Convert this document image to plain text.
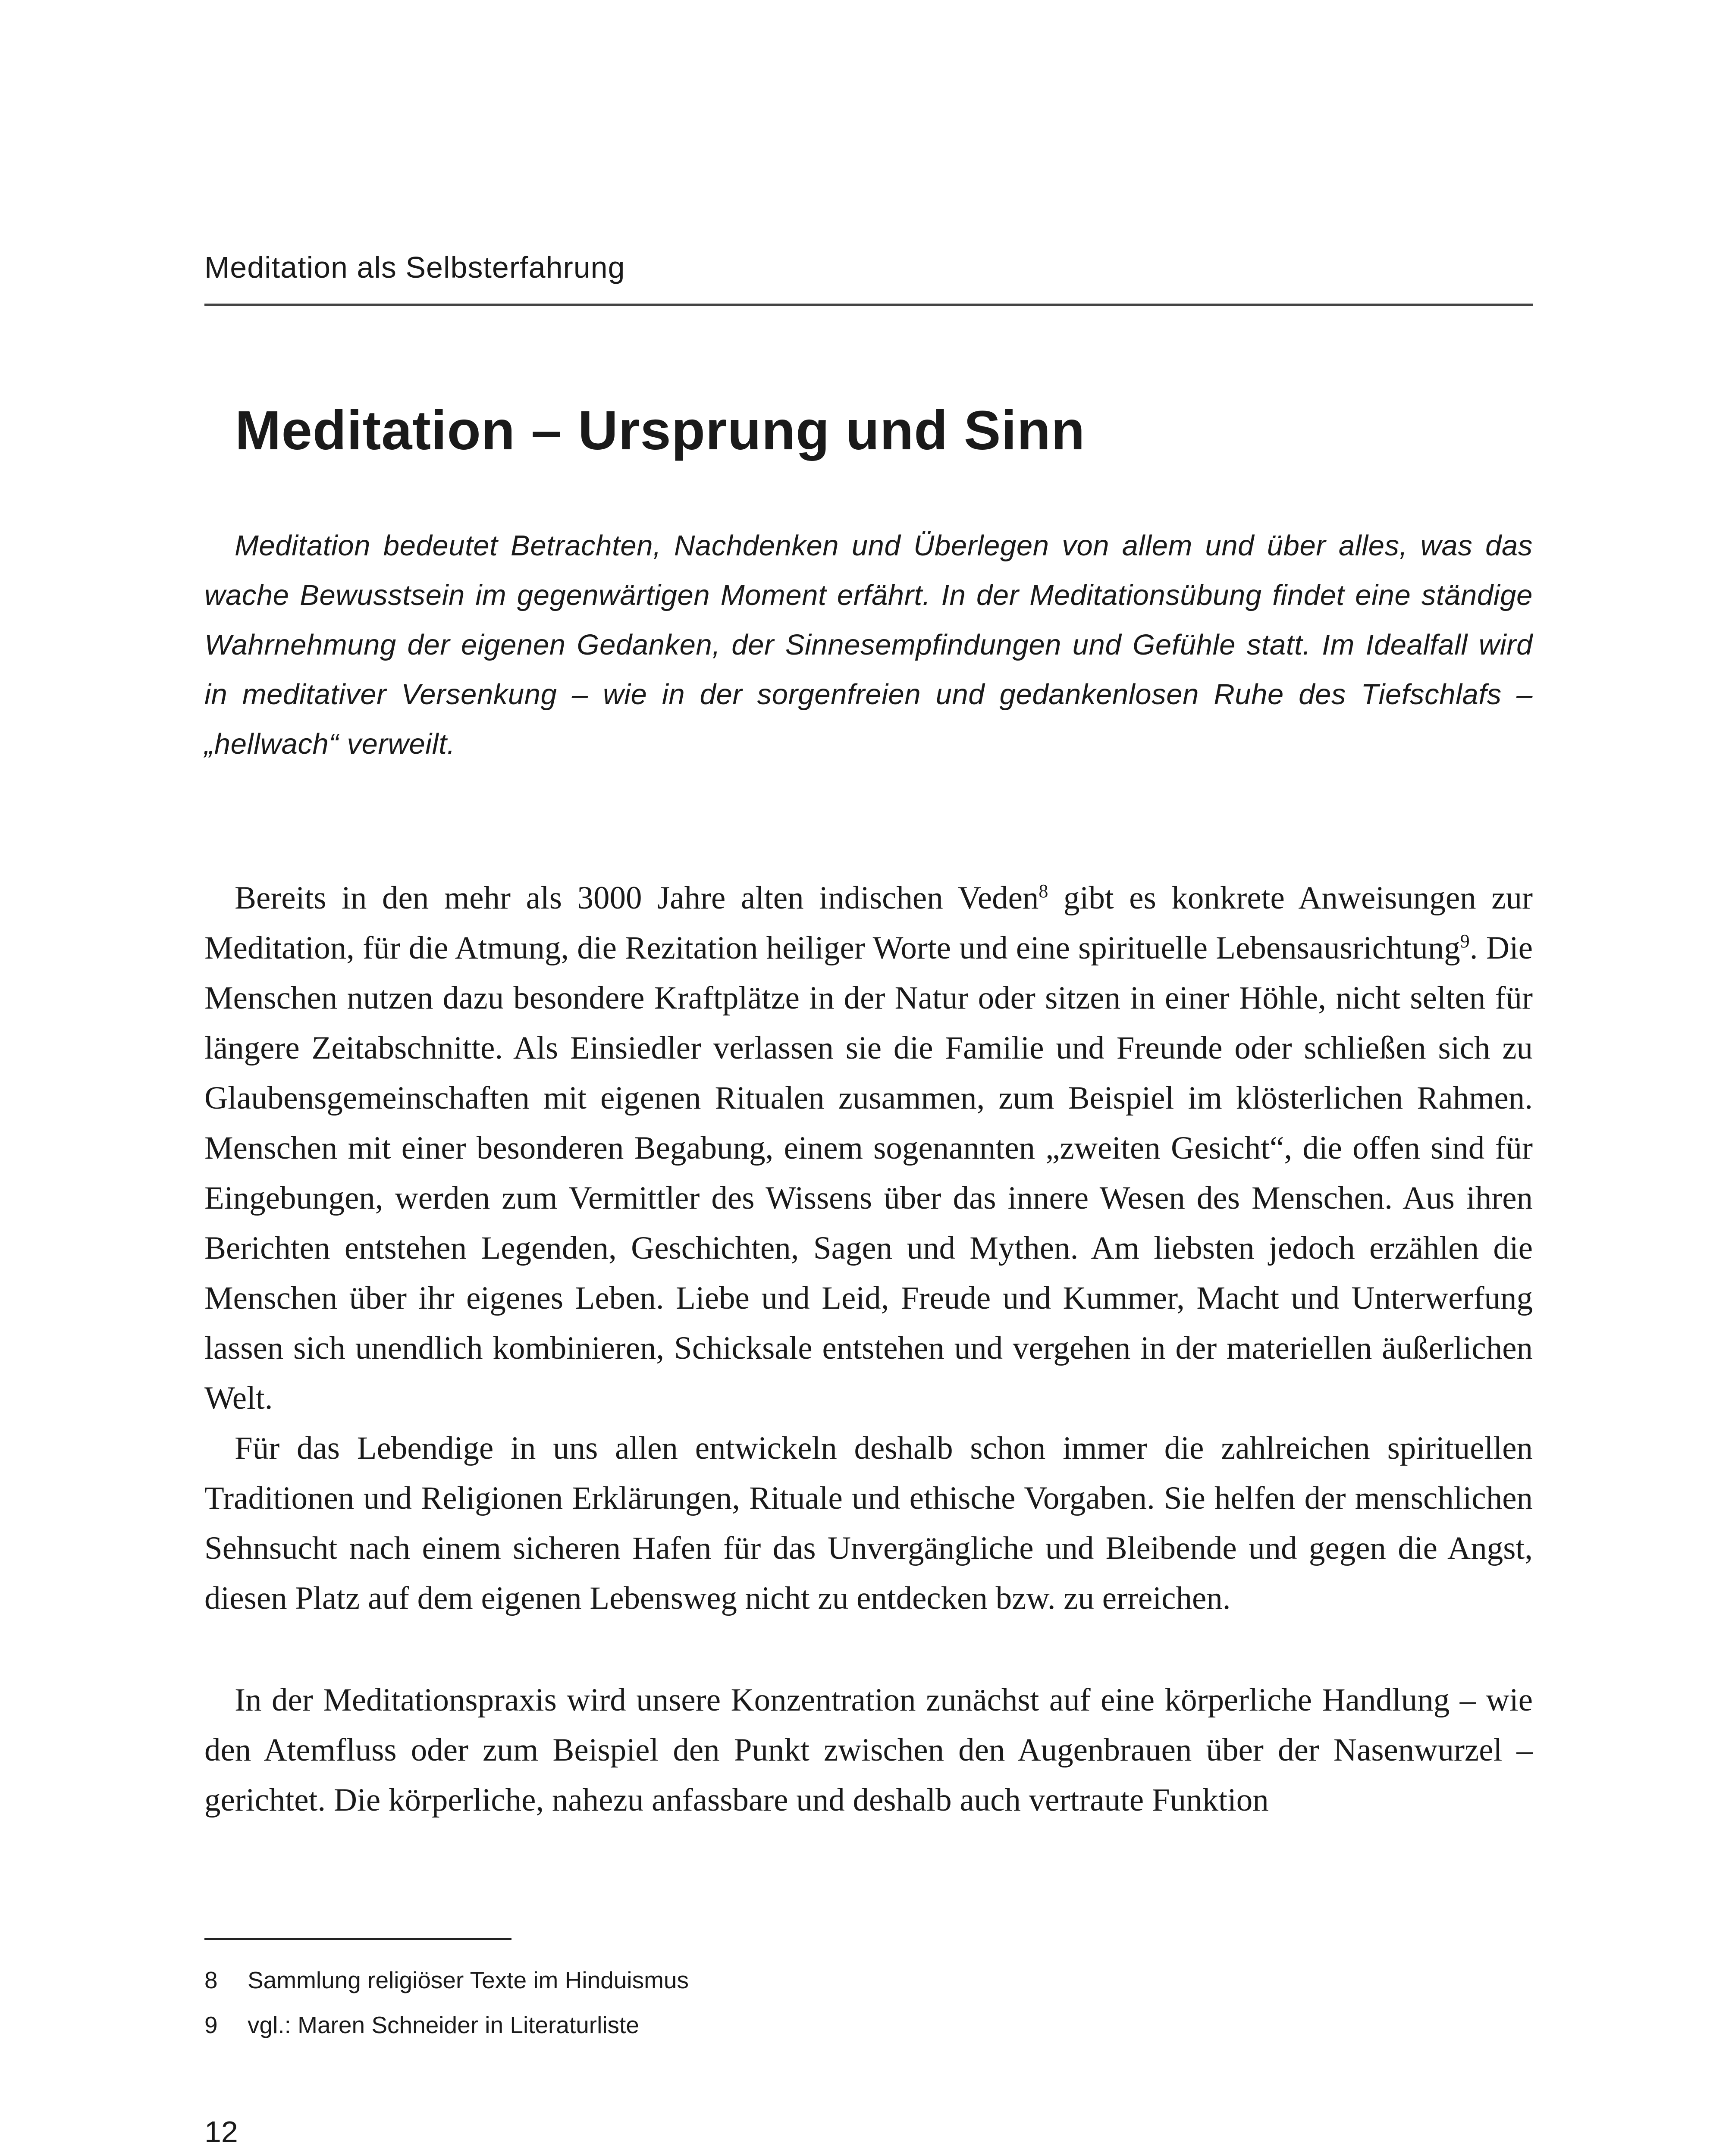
Meditation als Selbsterfahrung
Meditation – Ursprung und Sinn

Meditation bedeutet Betrachten, Nachdenken und Überlegen von allem und über alles, was das wache Bewusstsein im gegenwärtigen Moment erfährt. In der Meditationsübung findet eine ständige Wahrnehmung der eigenen Gedanken, der Sinnesempfindungen und Gefühle statt. Im Idealfall wird in meditativer Versenkung – wie in der sorgenfreien und gedankenlosen Ruhe des Tiefschlafs – „hellwach“ verweilt.

Bereits in den mehr als 3000 Jahre alten indischen Veden$^8$ gibt es konkrete Anweisungen zur Meditation, für die Atmung, die Rezitation heiliger Worte und eine spirituelle Lebensausrichtung$^9$. Die Menschen nutzen dazu besondere Kraftplätze in der Natur oder sitzen in einer Höhle, nicht selten für längere Zeitabschnitte. Als Einsiedler verlassen sie die Familie und Freunde oder schließen sich zu Glaubensgemeinschaften mit eigenen Ritualen zusammen, zum Beispiel im klösterlichen Rahmen. Menschen mit einer besonderen Begabung, einem sogenannten „zweiten Gesicht“, die offen sind für Eingebungen, werden zum Vermittler des Wissens über das innere Wesen des Menschen. Aus ihren Berichten entstehen Legenden, Geschichten, Sagen und Mythen. Am liebsten jedoch erzählen die Menschen über ihr eigenes Leben. Liebe und Leid, Freude und Kummer, Macht und Unterwerfung lassen sich unendlich kombinieren, Schicksale entstehen und vergehen in der materiellen äußerlichen Welt.

Für das Lebendige in uns allen entwickeln deshalb schon immer die zahlreichen spirituellen Traditionen und Religionen Erklärungen, Rituale und ethische Vorgaben. Sie helfen der menschlichen Sehnsucht nach einem sicheren Hafen für das Unvergängliche und Bleibende und gegen die Angst, diesen Platz auf dem eigenen Lebensweg nicht zu entdecken bzw. zu erreichen.

In der Meditationspraxis wird unsere Konzentration zunächst auf eine körperliche Handlung – wie den Atemfluss oder zum Beispiel den Punkt zwischen den Augenbrauen über der Nasenwurzel – gerichtet. Die körperliche, nahezu anfassbare und deshalb auch vertraute Funktion

8	Sammlung religiöser Texte im Hinduismus
9	vgl.: Maren Schneider in Literaturliste
12
